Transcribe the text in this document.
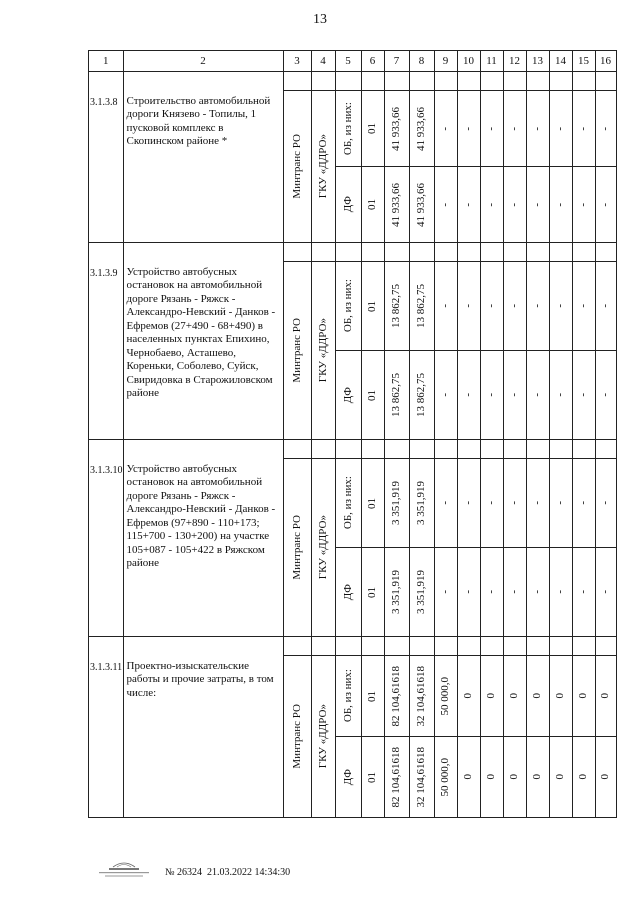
13
1	2	3	4	5	6	7	8	9	10	11	12	13	14	15	16

3.1.3.8	Строительство автомобильной дороги Князево - Топилы, 1 пусковой комплекс в Скопинском районе *	Минтранс РО	ГКУ «ДДРО»	ОБ, из них:	01	41 933,66	41 933,66	-	-	-	-	-	-	-	-

				ДФ	01	41 933,66	41 933,66	-	-	-	-	-	-	-	-

3.1.3.9	Устройство автобусных остановок на автомобильной дороге Рязань - Ряжск - Александро-Невский - Данков - Ефремов (27+490 - 68+490) в населенных пунктах Епихино, Чернобаево, Асташево, Кореньки, Соболево, Суйск, Свиридовка в Старожиловском районе	Минтранс РО	ГКУ «ДДРО»	ОБ, из них:	01	13 862,75	13 862,75	-	-	-	-	-	-	-	-

				ДФ	01	13 862,75	13 862,75	-	-	-	-	-	-	-	-

3.1.3.10	Устройство автобусных остановок на автомобильной дороге Рязань - Ряжск - Александро-Невский - Данков - Ефремов (97+890 - 110+173; 115+700 - 130+200) на участке 105+087 - 105+422 в Ряжском районе	Минтранс РО	ГКУ «ДДРО»	ОБ, из них:	01	3 351,919	3 351,919	-	-	-	-	-	-	-	-

				ДФ	01	3 351,919	3 351,919	-	-	-	-	-	-	-	-

3.1.3.11	Проектно-изыскательские работы и прочие затраты, в том числе:	Минтранс РО	ГКУ «ДДРО»	ОБ, из них:	01	82 104,61618	32 104,61618	50 000,0	0	0	0	0	0	0	0

				ДФ	01	82 104,61618	32 104,61618	50 000,0	0	0	0	0	0	0	0
№ 26324 21.03.2022 14:34:30
